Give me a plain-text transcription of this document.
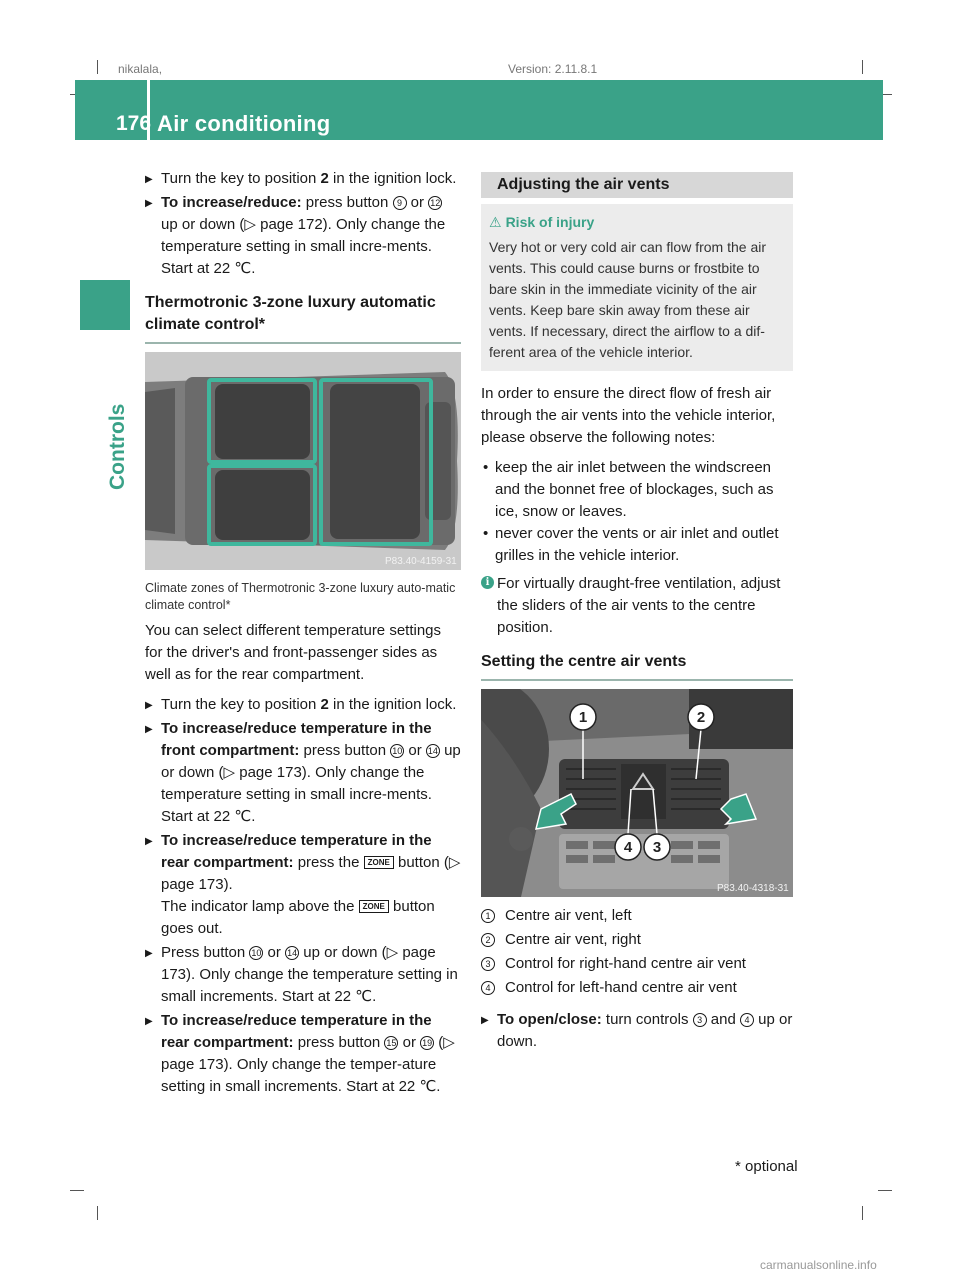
nikalala,	Version: 2.11.8.1
176 Air conditioning
Controls
▶ Turn the key to position 2 in the ignition lock.
▶ To increase/reduce: press button 9 or 12 up or down (▷ page 172). Only change the temperature setting in small incre-ments. Start at 22 ℃.
Thermotronic 3-zone luxury automatic climate control*
P83.40-4159-31
Climate zones of Thermotronic 3-zone luxury auto-matic climate control*
You can select different temperature settings for the driver's and front-passenger sides as well as for the rear compartment.
▶ Turn the key to position 2 in the ignition lock.
▶ To increase/reduce temperature in the front compartment: press button 10 or 14 up or down (▷ page 173). Only change the temperature setting in small incre-ments. Start at 22 ℃.
▶ To increase/reduce temperature in the rear compartment: press the ZONE button (▷ page 173).
The indicator lamp above the ZONE button goes out.
▶ Press button 10 or 14 up or down (▷ page 173). Only change the temperature setting in small increments. Start at 22 ℃.
▶ To increase/reduce temperature in the rear compartment: press button 15 or 19 (▷ page 173). Only change the temper-ature setting in small increments. Start at 22 ℃.
Adjusting the air vents
⚠ Risk of injury
Very hot or very cold air can flow from the air vents. This could cause burns or frostbite to bare skin in the immediate vicinity of the air vents. Keep bare skin away from these air vents. If necessary, direct the airflow to a dif-ferent area of the vehicle interior.
In order to ensure the direct flow of fresh air through the air vents into the vehicle interior, please observe the following notes:
• keep the air inlet between the windscreen and the bonnet free of blockages, such as ice, snow or leaves.
• never cover the vents or air inlet and outlet grilles in the vehicle interior.
i For virtually draught-free ventilation, adjust the sliders of the air vents to the centre position.
Setting the centre air vents
1	2
4 3
P83.40-4318-31
1 Centre air vent, left
2 Centre air vent, right
3 Control for right-hand centre air vent
4 Control for left-hand centre air vent
▶ To open/close: turn controls 3 and 4 up or down.
* optional
carmanualsonline.info
